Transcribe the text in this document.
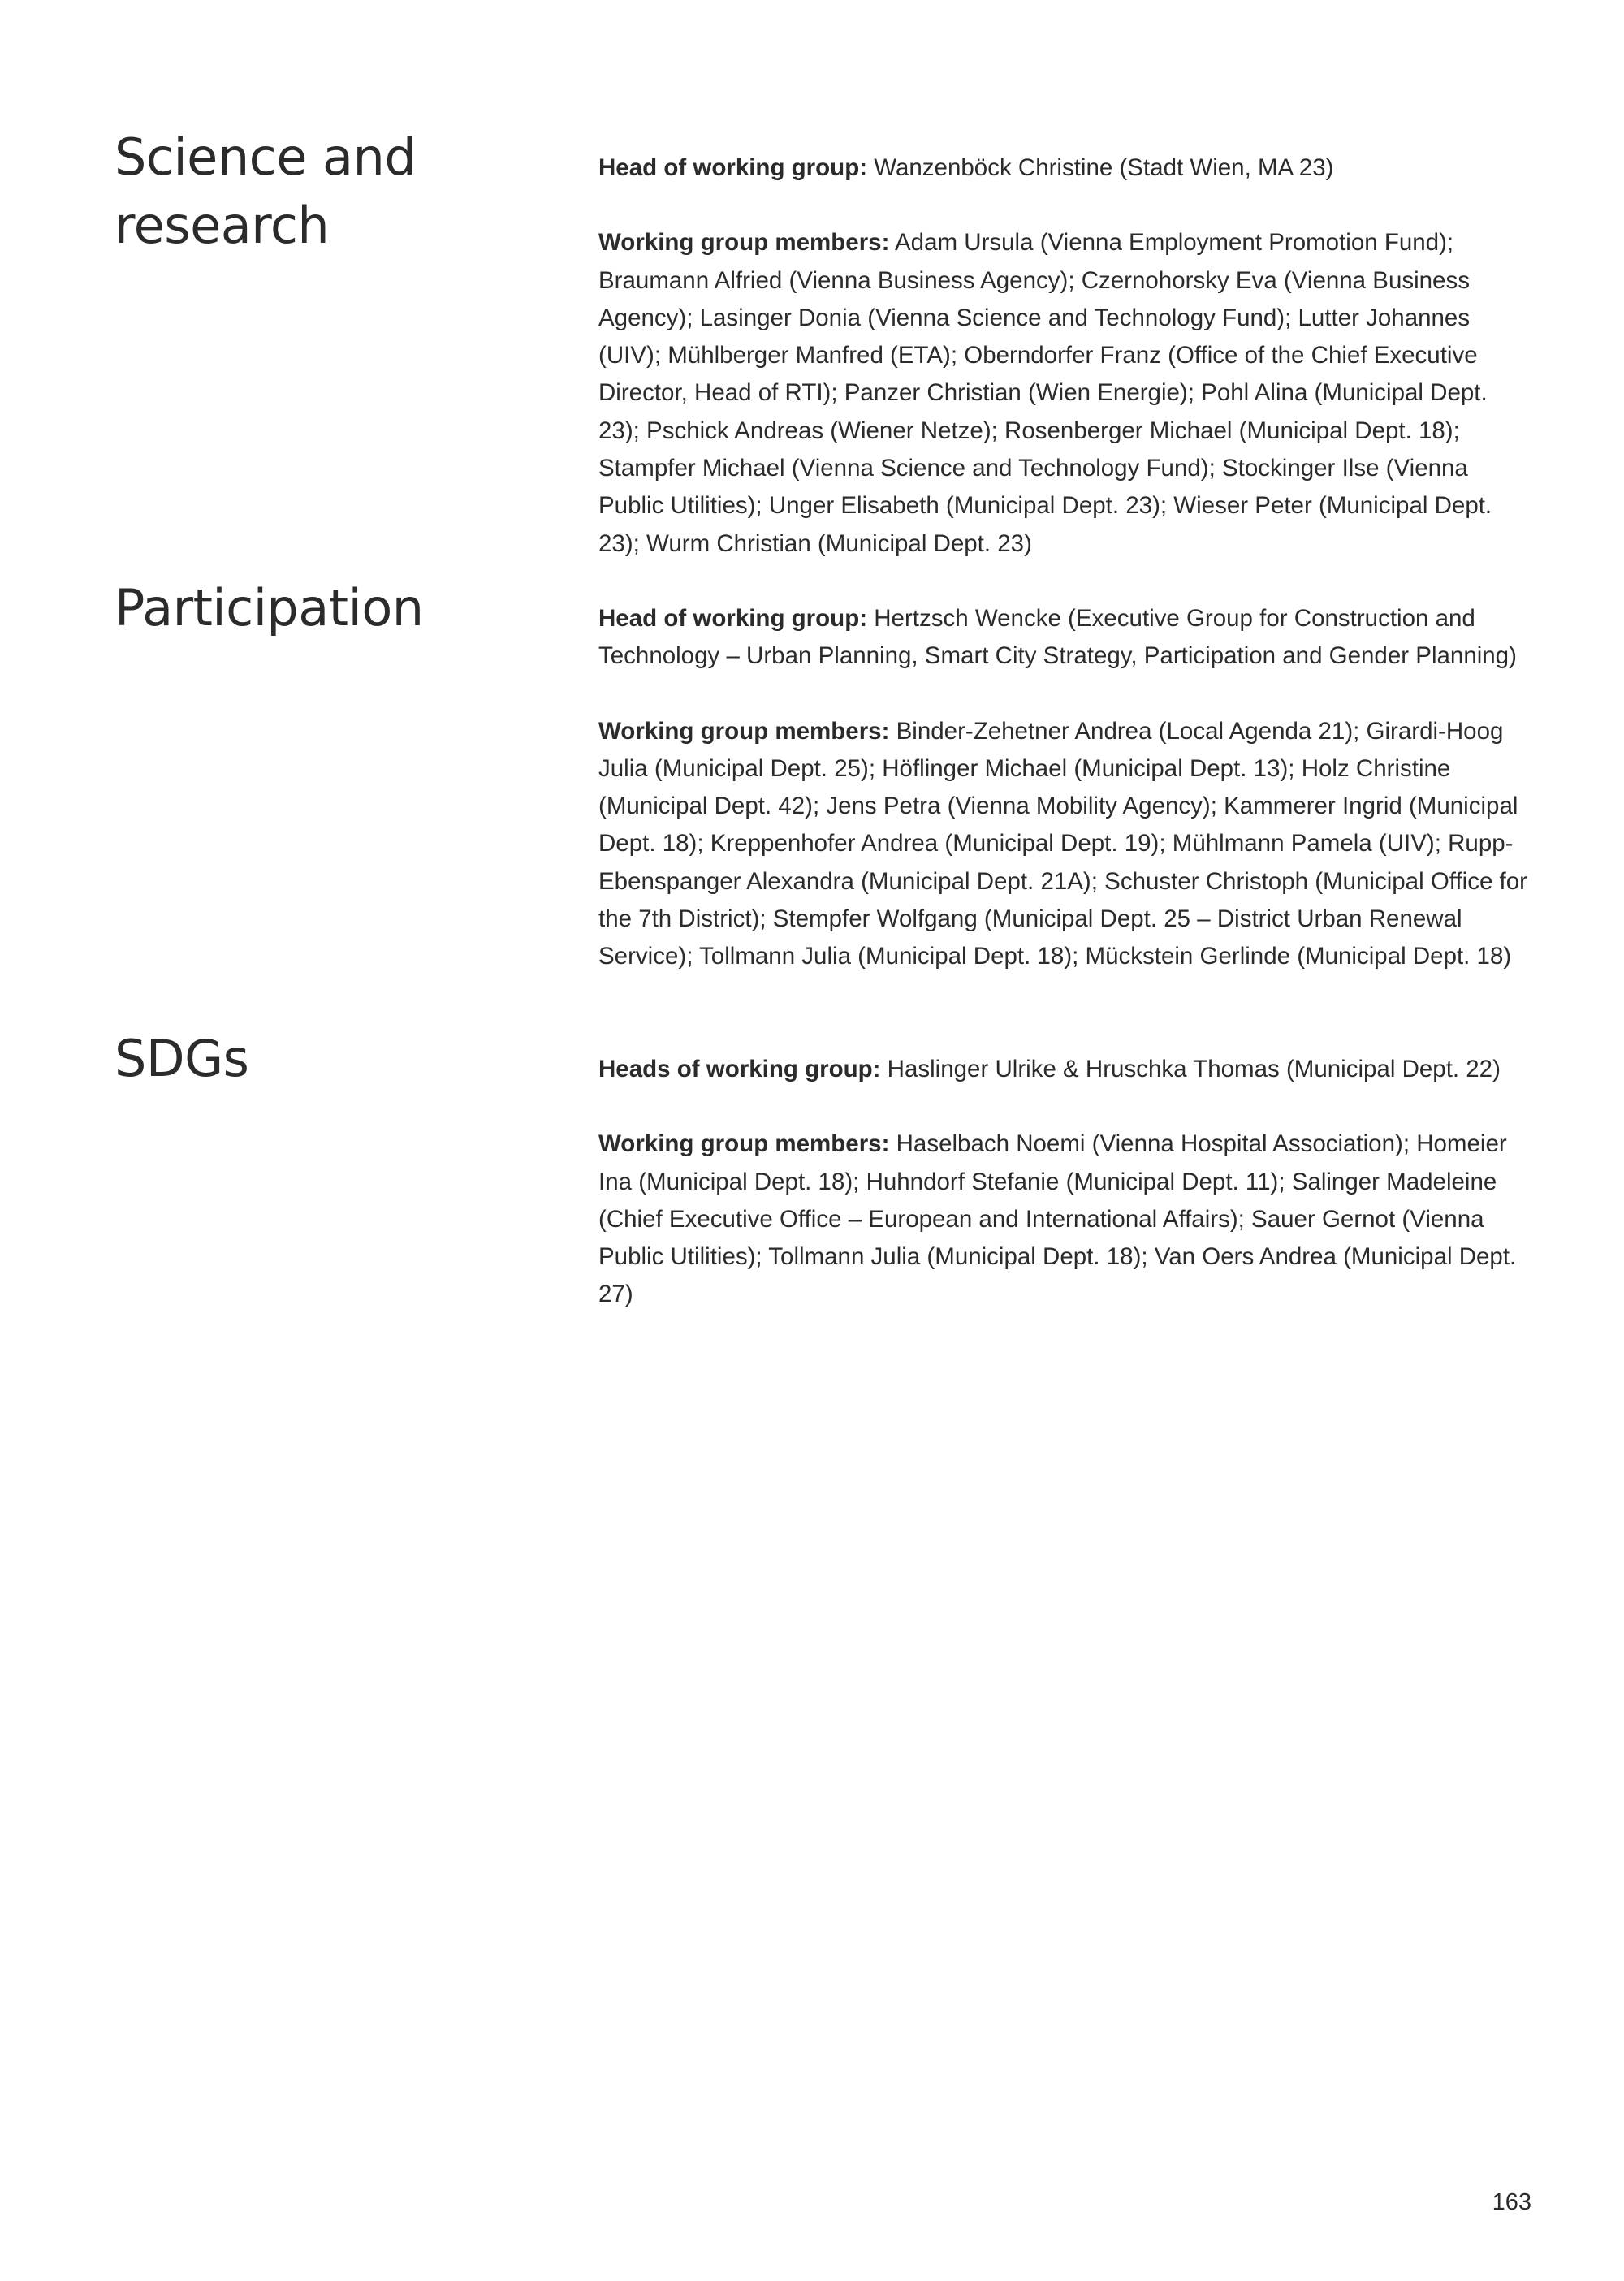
Science and
research

Head of working group: Wanzenböck Christine (Stadt Wien, MA 23)

Working group members: Adam Ursula (Vienna Employment Promotion Fund); Braumann Alfried (Vienna Business Agency); Czernohorsky Eva (Vienna Business Agency); Lasinger Donia (Vienna Science and Technology Fund); Lutter Johannes (UIV); Mühlberger Manfred (ETA); Oberndorfer Franz (Office of the Chief Executive Director, Head of RTI); Panzer Christian (Wien Energie); Pohl Alina (Municipal Dept. 23); Pschick Andreas (Wiener Netze); Rosenberger Michael (Municipal Dept. 18); Stampfer Michael (Vienna Science and Technology Fund); Stockinger Ilse (Vienna Public Utilities); Unger Elisabeth (Municipal Dept. 23); Wieser Peter (Municipal Dept. 23); Wurm Christian (Municipal Dept. 23)

Participation	Head of working group: Hertzsch Wencke (Executive Group for Construction and Technology – Urban Planning, Smart City Strategy, Participation and Gender Planning)

Working group members: Binder-Zehetner Andrea (Local Agenda 21); Girardi-Hoog Julia (Municipal Dept. 25); Höflinger Michael (Municipal Dept. 13); Holz Christine (Municipal Dept. 42); Jens Petra (Vienna Mobility Agency); Kammerer Ingrid (Municipal Dept. 18); Kreppenhofer Andrea (Municipal Dept. 19); Mühlmann Pamela (UIV); Rupp-Ebenspanger Alexandra (Municipal Dept. 21A); Schuster Christoph (Municipal Office for the 7th District); Stempfer Wolfgang (Municipal Dept. 25 – District Urban Renewal Service); Tollmann Julia (Municipal Dept. 18); Mückstein Gerlinde (Municipal Dept. 18)

SDGs	Heads of working group: Haslinger Ulrike & Hruschka Thomas (Municipal Dept. 22)

Working group members: Haselbach Noemi (Vienna Hospital Association); Homeier Ina (Municipal Dept. 18); Huhndorf Stefanie (Municipal Dept. 11); Salinger Madeleine (Chief Executive Office – European and International Affairs); Sauer Gernot (Vienna Public Utilities); Tollmann Julia (Municipal Dept. 18); Van Oers Andrea (Municipal Dept. 27)

163
